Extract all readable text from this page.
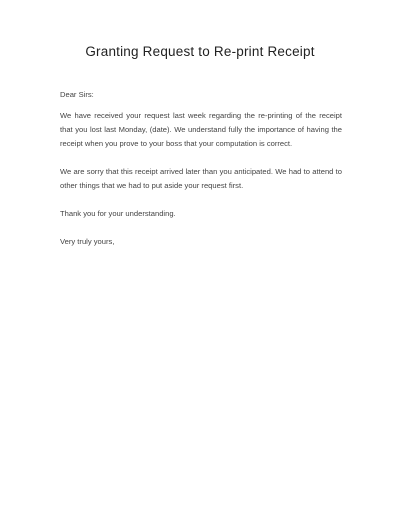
Granting Request to Re-print Receipt

Dear Sirs:

We have received your request last week regarding the re-printing of the receipt that you lost last Monday, (date). We understand fully the importance of having the receipt when you prove to your boss that your computation is correct.

We are sorry that this receipt arrived later than you anticipated. We had to attend to other things that we had to put aside your request first.

Thank you for your understanding.

Very truly yours,
